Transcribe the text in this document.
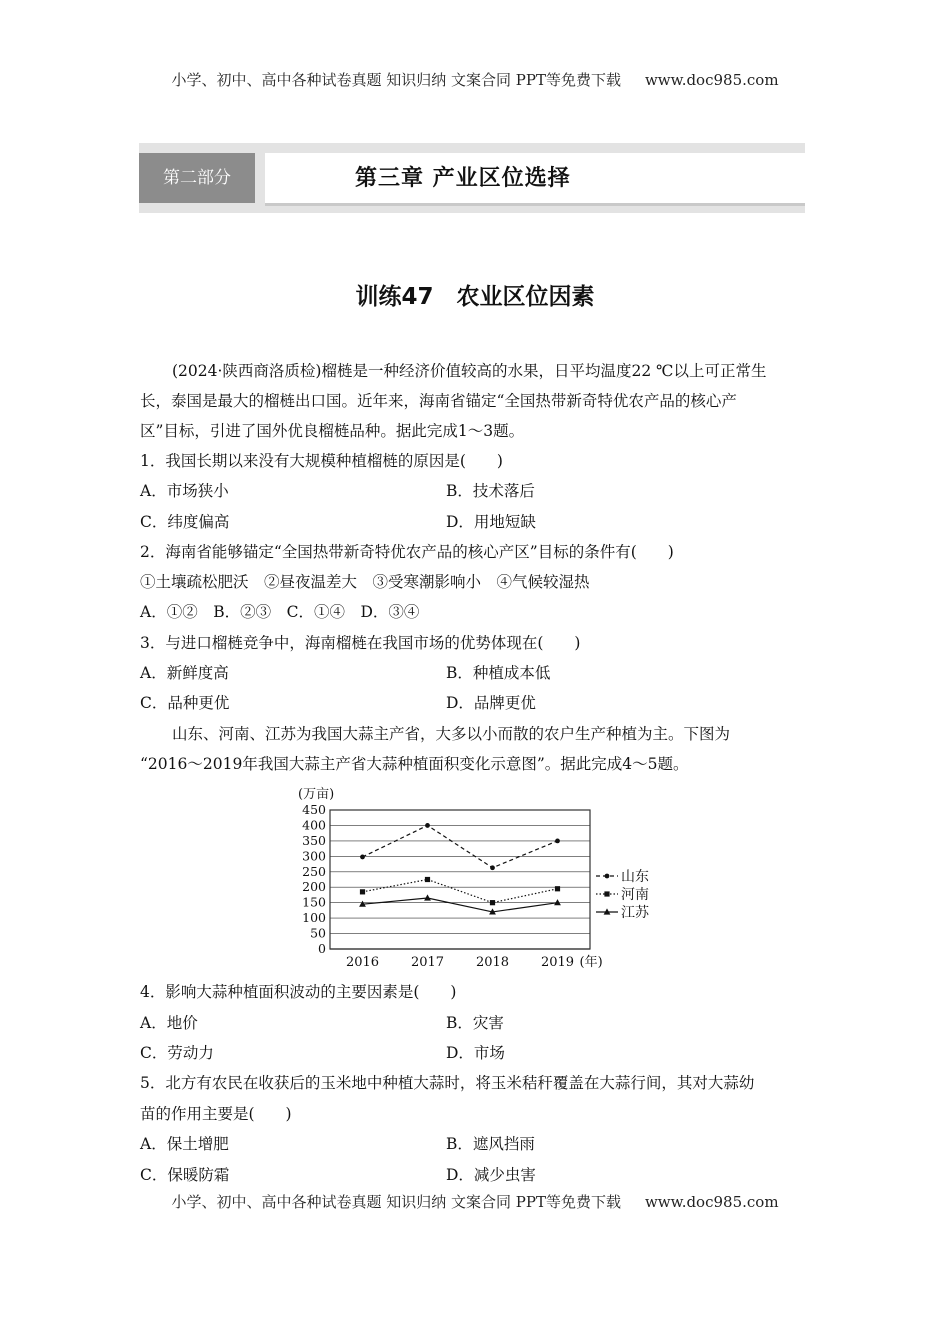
小学、初中、高中各种试卷真题 知识归纳 文案合同 PPT等免费下载 www.doc985.com
第二部分	第三章 产业区位选择
训练47　农业区位因素
(2024·陕西商洛质检)榴梿是一种经济价值较高的水果，日平均温度22 ℃以上可正常生
长，泰国是最大的榴梿出口国。近年来，海南省锚定“全国热带新奇特优农产品的核心产
区”目标，引进了国外优良榴梿品种。据此完成1～3题。
1．我国长期以来没有大规模种植榴梿的原因是(　　)
A．市场狭小	B．技术落后
C．纬度偏高	D．用地短缺
2．海南省能够锚定“全国热带新奇特优农产品的核心产区”目标的条件有(　　)
①土壤疏松肥沃　②昼夜温差大　③受寒潮影响小　④气候较湿热
A．①②　B．②③　C．①④　D．③④
3．与进口榴梿竞争中，海南榴梿在我国市场的优势体现在(　　)
A．新鲜度高	B．种植成本低
C．品种更优	D．品牌更优
山东、河南、江苏为我国大蒜主产省，大多以小而散的农户生产种植为主。下图为
“2016～2019年我国大蒜主产省大蒜种植面积变化示意图”。据此完成4～5题。
0
50
100
150
200
250
300
350
400
450
(万亩)
2016 2017 2018 2019 (年)
山东
河南
江苏
4．影响大蒜种植面积波动的主要因素是(　　)
A．地价	B．灾害
C．劳动力	D．市场
5．北方有农民在收获后的玉米地中种植大蒜时，将玉米秸秆覆盖在大蒜行间，其对大蒜幼
苗的作用主要是(　　)
A．保土增肥	B．遮风挡雨
C．保暖防霜	D．减少虫害
小学、初中、高中各种试卷真题 知识归纳 文案合同 PPT等免费下载 www.doc985.com
